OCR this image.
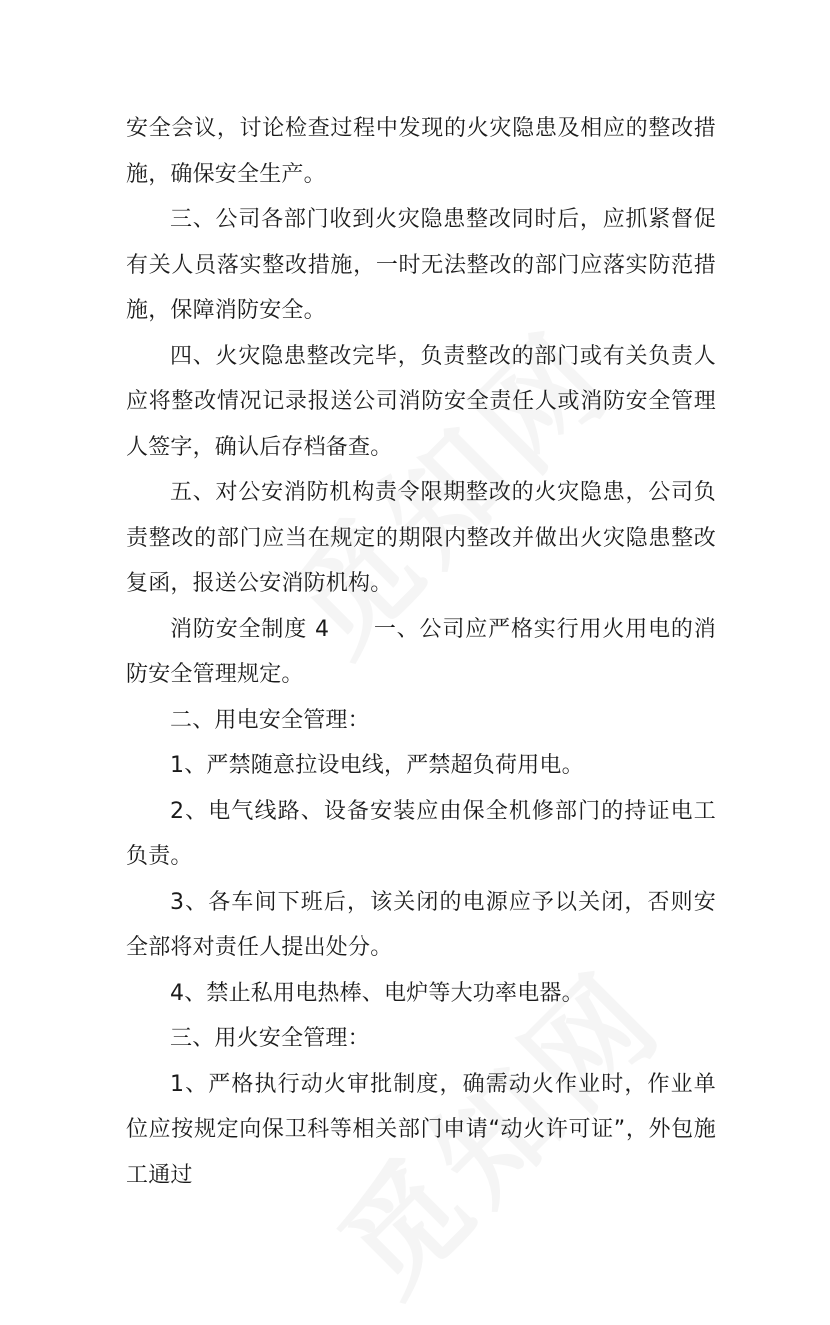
安全会议，讨论检查过程中发现的火灾隐患及相应的整改措施，确保安全生产。

三、公司各部门收到火灾隐患整改同时后，应抓紧督促有关人员落实整改措施，一时无法整改的部门应落实防范措施，保障消防安全。

四、火灾隐患整改完毕，负责整改的部门或有关负责人应将整改情况记录报送公司消防安全责任人或消防安全管理人签字，确认后存档备查。

五、对公安消防机构责令限期整改的火灾隐患，公司负责整改的部门应当在规定的期限内整改并做出火灾隐患整改复函，报送公安消防机构。

消防安全制度 4 一、公司应严格实行用火用电的消防安全管理规定。

二、用电安全管理：

1、严禁随意拉设电线，严禁超负荷用电。

2、电气线路、设备安装应由保全机修部门的持证电工负责。

3、各车间下班后，该关闭的电源应予以关闭，否则安全部将对责任人提出处分。

4、禁止私用电热棒、电炉等大功率电器。

三、用火安全管理：

1、严格执行动火审批制度，确需动火作业时，作业单位应按规定向保卫科等相关部门申请“动火许可证”，外包施工通过
